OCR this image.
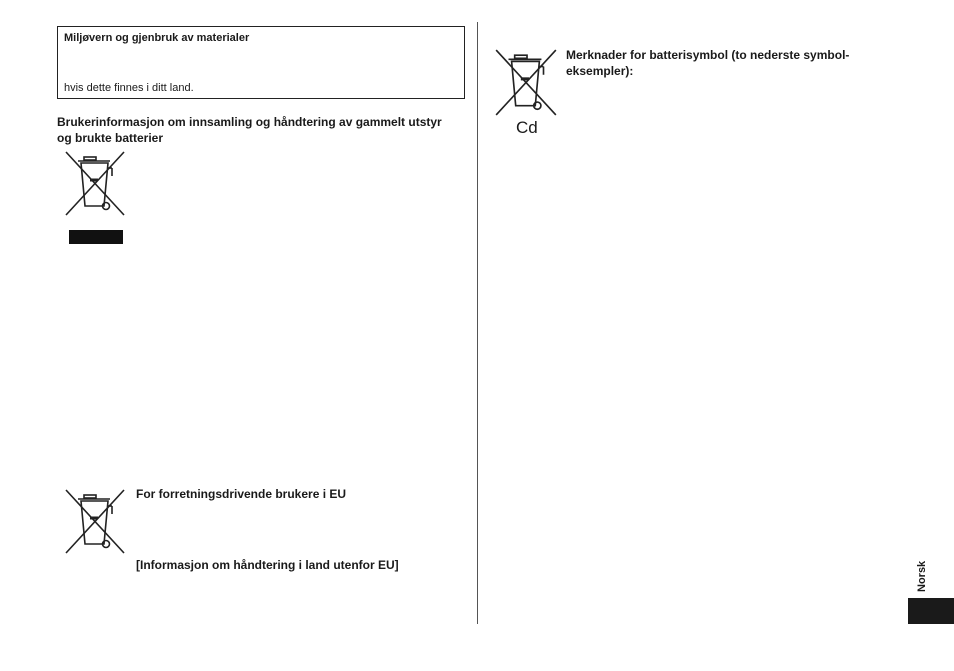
Miljøvern og gjenbruk av materialer
hvis dette finnes i ditt land.
Brukerinformasjon om innsamling og håndtering av gammelt utstyr og brukte batterier
For forretningsdrivende brukere i EU
[Informasjon om håndtering i land utenfor EU]
Cd
Merknader for batterisymbol (to nederste symbol-eksempler):
Norsk
